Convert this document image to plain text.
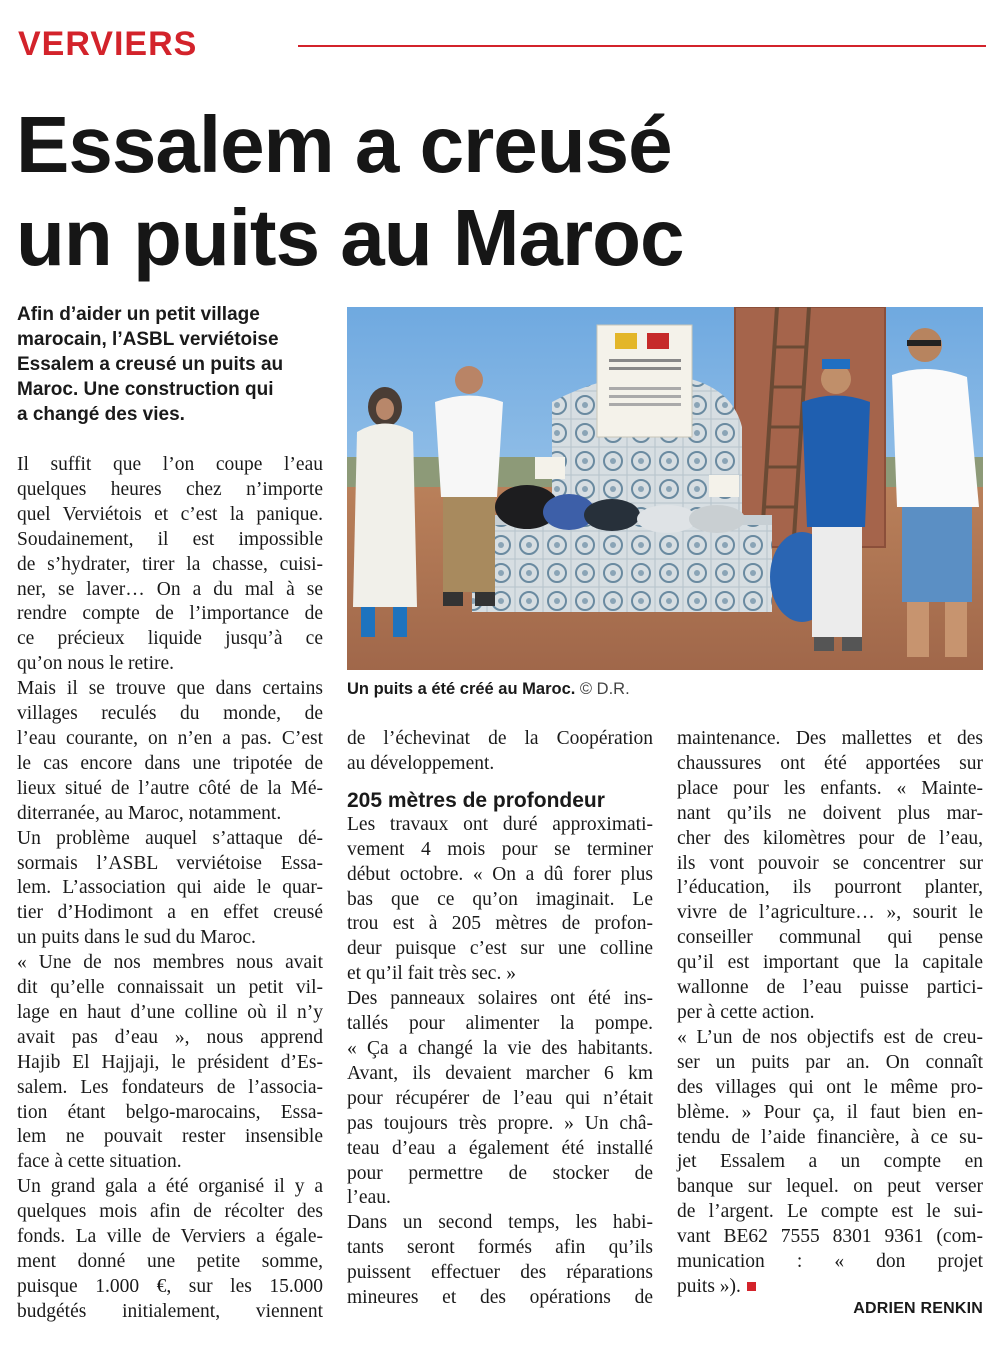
VERVIERS
Essalem a creusé
un puits au Maroc
Afin d’aider un petit village
marocain, l’ASBL verviétoise
Essalem a creusé un puits au
Maroc. Une construction qui
a changé des vies.
Un puits a été créé au Maroc. © D.R.
Il suffit que l’on coupe l’eau
quelques heures chez n’importe
quel Verviétois et c’est la panique.
Soudainement, il est impossible
de s’hydrater, tirer la chasse, cuisi-
ner, se laver… On a du mal à se
rendre compte de l’importance de
ce précieux liquide jusqu’à ce
qu’on nous le retire.
Mais il se trouve que dans certains
villages reculés du monde, de
l’eau courante, on n’en a pas. C’est
le cas encore dans une tripotée de
lieux situé de l’autre côté de la Mé-
diterranée, au Maroc, notamment.
Un problème auquel s’attaque dé-
sormais l’ASBL verviétoise Essa-
lem. L’association qui aide le quar-
tier d’Hodimont a en effet creusé
un puits dans le sud du Maroc.
« Une de nos membres nous avait
dit qu’elle connaissait un petit vil-
lage en haut d’une colline où il n’y
avait pas d’eau », nous apprend
Hajib El Hajjaji, le président d’Es-
salem. Les fondateurs de l’associa-
tion étant belgo-marocains, Essa-
lem ne pouvait rester insensible
face à cette situation.
Un grand gala a été organisé il y a
quelques mois afin de récolter des
fonds. La ville de Verviers a égale-
ment donné une petite somme,
puisque 1.000 €, sur les 15.000
budgétés initialement, viennent
de l’échevinat de la Coopération
au développement.
205 mètres de profondeur
Les travaux ont duré approximati-
vement 4 mois pour se terminer
début octobre. « On a dû forer plus
bas que ce qu’on imaginait. Le
trou est à 205 mètres de profon-
deur puisque c’est sur une colline
et qu’il fait très sec. »
Des panneaux solaires ont été ins-
tallés pour alimenter la pompe.
« Ça a changé la vie des habitants.
Avant, ils devaient marcher 6 km
pour récupérer de l’eau qui n’était
pas toujours très propre. » Un châ-
teau d’eau a également été installé
pour permettre de stocker de
l’eau.
Dans un second temps, les habi-
tants seront formés afin qu’ils
puissent effectuer des réparations
mineures et des opérations de
maintenance. Des mallettes et des
chaussures ont été apportées sur
place pour les enfants. « Mainte-
nant qu’ils ne doivent plus mar-
cher des kilomètres pour de l’eau,
ils vont pouvoir se concentrer sur
l’éducation, ils pourront planter,
vivre de l’agriculture… », sourit le
conseiller communal qui pense
qu’il est important que la capitale
wallonne de l’eau puisse partici-
per à cette action.
« L’un de nos objectifs est de creu-
ser un puits par an. On connaît
des villages qui ont le même pro-
blème. » Pour ça, il faut bien en-
tendu de l’aide financière, à ce su-
jet Essalem a un compte en
banque sur lequel. on peut verser
de l’argent. Le compte est le sui-
vant BE62 7555 8301 9361 (com-
munication : « don projet
puits »).
ADRIEN RENKIN
